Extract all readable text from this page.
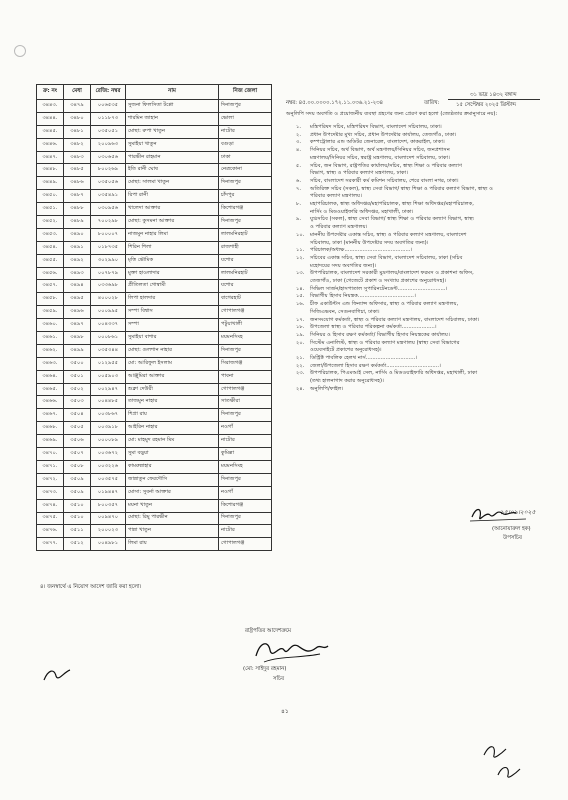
ক্র: নং	মেধা	রেজি: নম্বর	নাম	নিজ জেলা
৩৪৪৩.	৩৪৭৯	০০৬৫৩৫	সুজনা ফিলসিতা টপ্পো	দিনাজপুর
৩৪৪৪.	৩৪৮০	০১১৮৭৩	শারমিন জাহান	ভোলা
৩৪৪৫.	৩৪৮১	০৩৫০৫১	মোছা: রুপা খাতুন	নাটোর
৩৪৪৬.	৩৪৮২	২০০৯৬৩	সুমাইয়া খাতুন	বগুড়া
৩৪৪৭.	৩৪৮৩	০৩০৬৫৬	পারভীন রাহমান	ঢাকা
৩৪৪৮.	৩৪৮৫	৮০০২৬৯	ইতি রানী ঘোষ	নেত্রকোনা
৩৪৪৯.	৩৪৮৬	০৩৫০৫৬	মোছা: সালমা খাতুন	দিনাজপুর
৩৪৫০.	৩৪৮৭	০৩৫৪৯১	রিপা রানী	চাঁদপুর
৩৪৫১.	৩৪৮৮	০৩০৯৫৬	খালেদা আক্তার	কিশোরগঞ্জ
৩৪৫২.	৩৪৮৯	৭০০২৯৮	মোছা: কুসমনা আক্তার	দিনাজপুর
৩৪৫৩.	৩৪৯০	৮০০০০৭	নাজমুন নাহার লিমা	লালমনিরহাট
৩৪৫৪.	৩৪৯১	০১৮৭৩৫	শিরিন শিলা	রাজশাহী
৩৪৫৫.	৩৪৯২	৩০২৯৯০	মৃত্তি ভৌমিক	যশোর
৩৪৫৬.	৩৪৯৩	০০৭৮৭৯	মুক্তা হাওলাদার	লালমনিরহাট
৩৪৫৭.	৩৪৯৪	০৩৩৬৯৮	প্রীতিলতা গোস্বামী	যশোর
৩৪৫৮.	৩৪৯৫	৪০০০২৮	লিপা হালদার	বাগেরহাট
৩৪৫৯.	৩৪৯৬	০০০৯৯৫	সম্পা বিশ্বাস	গোপালগঞ্জ
৩৪৬০.	৩৪৯৭	০০৪৩৩৭	সম্পা	পটুয়াখালী
৩৪৬১.	৩৪৯৮	০০০৮৬১	সুমাইয়া বাশার	ময়মনসিংহ
৩৪৬২.	৩৪৯৯	০৩৫৩৪৪	মোছা: গুলশান নাহার	দিনাজপুর
৩৪৬৩.	৩৫০০	০১২৯৫৫	মো: আরিফুল ইসলাম	সিরাজগঞ্জ
৩৪৬৪.	৩৫০১	০০৫৯০৩	আঞ্জুমিরা আক্তার	পাবনা
৩৪৬৫.	৩৫০২	০০২৯৪৭	শুক্লা দেউরী	গোপালগঞ্জ
৩৪৬৬.	৩৫০৩	০০৪৪৮৫	তাজমুন নাহার	সাতক্ষীরা
৩৪৬৭.	৩৫০৪	০০৩৮৬৭	শিপ্রা রায়	দিনাজপুর
৩৪৬৮.	৩৫০৫	০০৩৯১৮	আইরিন নাহার	নওগাঁ
৩৪৬৯.	৩৫০৬	০০০০৮৯	মো: মাহমুদ রহমান মিম	নাটোর
৩৪৭০.	৩৫০৭	০০৩৬৭২	সুমা বড়ুয়া	কুমিল্লা
৩৪৭১.	৩৫০৮	০০৩২২৬	কামরুন্নাহার	ময়মনসিংহ
৩৪৭২.	৩৫০৯	০০৩৫৭৫	জান্নাতুন ফেরদৌসি	দিনাজপুর
৩৪৭৩.	৩৫০৯	০১৯৪৪৭	মোসা: সুবর্না আক্তার	নওগাঁ
৩৪৭৪.	৩৫১০	৮০০৩৫৭	ময়না খাতুন	কিশোরগঞ্জ
৩৪৭৫.	৩৫১০	০০৯৪৭০	মোছা: রিমু পারভীন	দিনাজপুর
৩৪৭৬.	৩৫১১	২০০০২৩	পান্না খাতুন	নাটোর
৩৪৭৭.	৩৫১২	০০৪৯৮১	লিমা রায়	গোপালগঞ্জ
নম্বর: ৪৫.০০.০০০০.১৭২.১১.০৩৬.২১-২৩৪	তারিখ:
৩১ ভাদ্র ১৪৩২ বঙ্গাব্দ
১৫ সেপ্টেম্বর ২০২৫ খ্রিস্টাব্দ
অনুলিপি সদয় অবগতি ও প্রয়োজনীয় ব্যবস্থা গ্রহণের জন্য প্রেরণ করা হলো (জ্যেষ্ঠতার ক্রমানুসারে নয়):
১. মন্ত্রিপরিষদ সচিব, মন্ত্রিপরিষদ বিভাগ, বাংলাদেশ সচিবালয়, ঢাকা।
২. প্রধান উপদেষ্টার মুখ্য সচিব, প্রধান উপদেষ্টার কার্যালয়, তেজগাঁও, ঢাকা।
৩. কম্পট্রোলার এন্ড অডিটর জেনারেল, বাংলাদেশ, কাকরাইল, ঢাকা।
৪. সিনিয়র সচিব, অর্থ বিভাগ, অর্থ মন্ত্রণালয়/সিনিয়র সচিব, জনপ্রশাসন
মন্ত্রণালয়/সিনিয়র সচিব, স্বরাষ্ট্র মন্ত্রণালয়, বাংলাদেশ সচিবালয়, ঢাকা।
৫. সচিব, জন বিভাগ, রাষ্ট্রপতির কার্যালয়/সচিব, স্বাস্থ্য শিক্ষা ও পরিবার কল্যাণ
বিভাগ, স্বাস্থ্য ও পরিবার কল্যাণ মন্ত্রণালয়, ঢাকা।
৬. সচিব, বাংলাদেশ সরকারী কর্ম কমিশন সচিবালয়, শেরে বাংলা নগর, ঢাকা।
৭. অতিরিক্ত সচিব (সকল), স্বাস্থ্য সেবা বিভাগ/ স্বাস্থ্য শিক্ষা ও পরিবার কল্যাণ বিভাগ, স্বাস্থ্য ও
পরিবার কল্যাণ মন্ত্রণালয়।
৮. মহাপরিচালক, স্বাস্থ্য অধিদপ্তর/মহাপরিচালক, স্বাস্থ্য শিক্ষা অধিদপ্তর/মহাপরিচালক,
নার্সিং ও মিডওয়াইফারি অধিদপ্তর, মহাখালী, ঢাকা।
৯. যুগ্মসচিব (সকল), স্বাস্থ্য সেবা বিভাগ/ স্বাস্থ্য শিক্ষা ও পরিবার কল্যাণ বিভাগ, স্বাস্থ্য
ও পরিবার কল্যাণ মন্ত্রণালয়।
১০. মাননীয় উপদেষ্টার একান্ত সচিব, স্বাস্থ্য ও পরিবার কল্যাণ মন্ত্রণালয়, বাংলাদেশ
সচিবালয়, ঢাকা (মাননীয় উপদেষ্টার সদয় অবগতির জন্য)।
১১. পরিচালক/অধ্যক্ষ........................................।
১২. সচিবের একান্ত সচিব, স্বাস্থ্য সেবা বিভাগ, বাংলাদেশ সচিবালয়, ঢাকা (সচিব
মহোদয়ের সদয় অবগতির জন্য)।
১৩. উপপরিচালক, বাংলাদেশ সরকারী মুদ্রণালয়/বাংলাদেশ ফরমস ও প্রকাশনা অফিস,
তেজগাঁও, ঢাকা (গেজেটে প্রকাশ ও সংখ্যায় প্রকাশের অনুরোধসহ)।
১৪. সিভিল সার্জন/হাসপাতাল সুপারিনটেনডেন্ট.............................।
১৫. বিভাগীয় হিসাব নিয়ন্ত্রক..................................।
১৬. চীফ একাউন্টস এন্ড ফিন্যান্স অফিসার, স্বাস্থ্য ও পরিবার কল্যাণ মন্ত্রণালয়,
সিজিএভবন, সেগুনবাগিচা, ঢাকা।
১৭. জনসংযোগ কর্মকর্তা, স্বাস্থ্য ও পরিবার কল্যাণ মন্ত্রণালয়, বাংলাদেশ সচিবালয়, ঢাকা।
১৮. উপজেলা স্বাস্থ্য ও পরিবার পরিকল্পনা কর্মকর্তা....................।
১৯. সিনিয়র ও হিসাব রক্ষণ কর্মকর্তা/ বিভাগীয় হিসাব নিয়ন্ত্রকের কার্যালয়।
২০. সিস্টেম এনালিস্ট, স্বাস্থ্য ও পরিবার কল্যাণ মন্ত্রণালয় (স্বাস্থ্য সেবা বিভাগের
ওয়েবসাইটে প্রকাশের অনুরোধসহ)।
২১. ডিস্ট্রিক্ট পাবলিক হেলথ নার্স..............................।
২২. জেলা/উপজেলা হিসাব রক্ষণ কর্মকর্তা................................।
২৩. উপপরিচালক, পিএমআই সেল, নার্সিং ও মিডওয়াইফারি অধিদপ্তর, মহাখালী, ঢাকা
(তথ্য হালনাগাদ করার অনুরোধসহ)।
২৪. অনুলিপি/ফাইল।
১৫।০৯।২০২৫
(আনোয়ারুল হক)
উপসচিব
৪। জনস্বার্থে এ নিয়োগ আদেশ জারি করা হলো।
রাষ্ট্রপতির আদেশক্রমে
(মো: সাইদুর রহমান)
সচিব
৪১
